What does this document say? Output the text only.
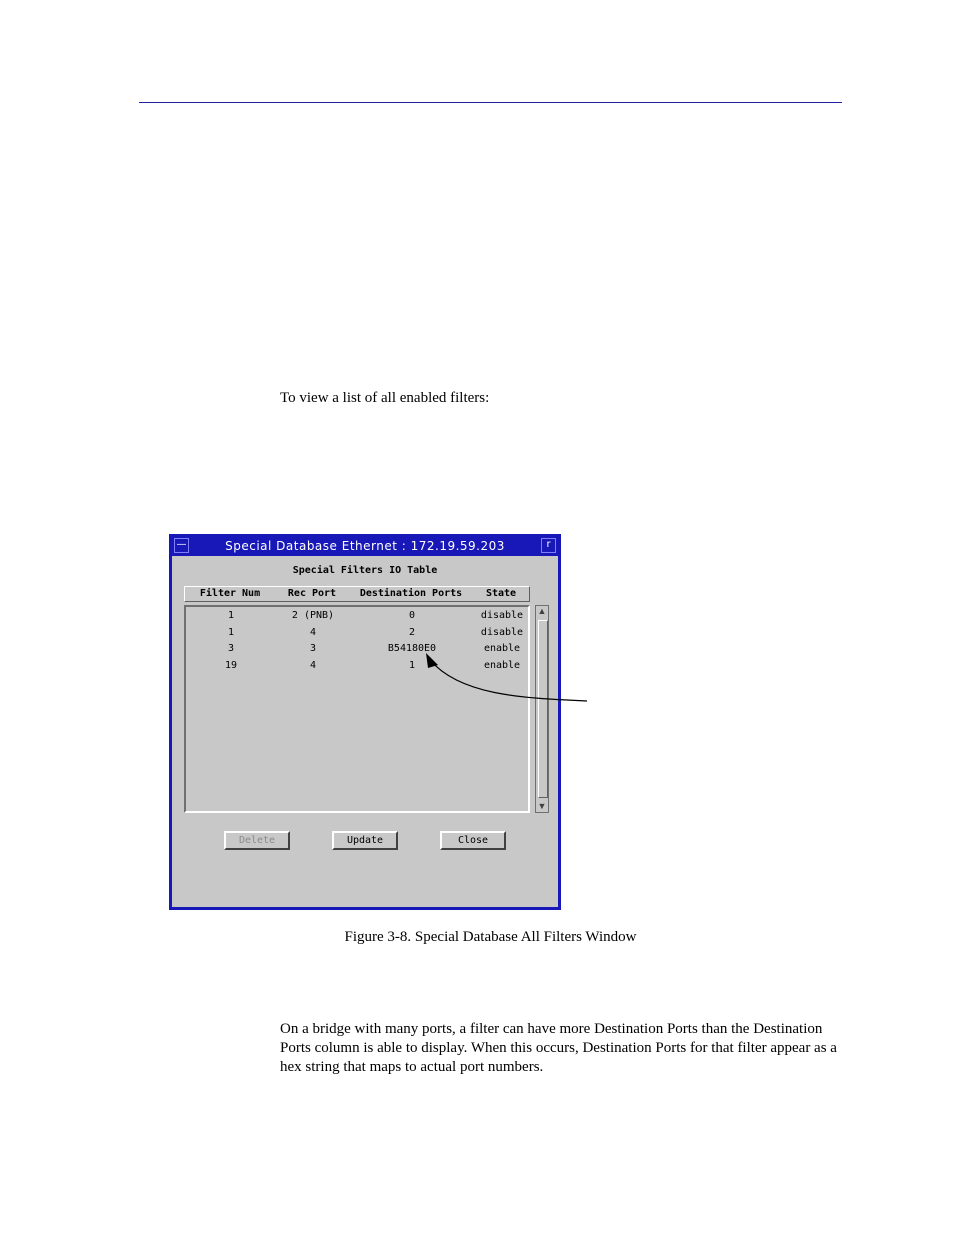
To view a list of all enabled filters:
—	Special Database Ethernet : 172.19.59.203	r
Special Filters IO Table
Filter Num	Rec Port	Destination Ports	State
1	2 (PNB)	0	disable
1	4	2	disable
3	3	B54180E0	enable
19	4	1	enable
▲
▼
Delete	Update	Close
Figure 3-8. Special Database All Filters Window
On a bridge with many ports, a filter can have more Destination Ports than the Destination Ports column is able to display. When this occurs, Destination Ports for that filter appear as a hex string that maps to actual port numbers.
